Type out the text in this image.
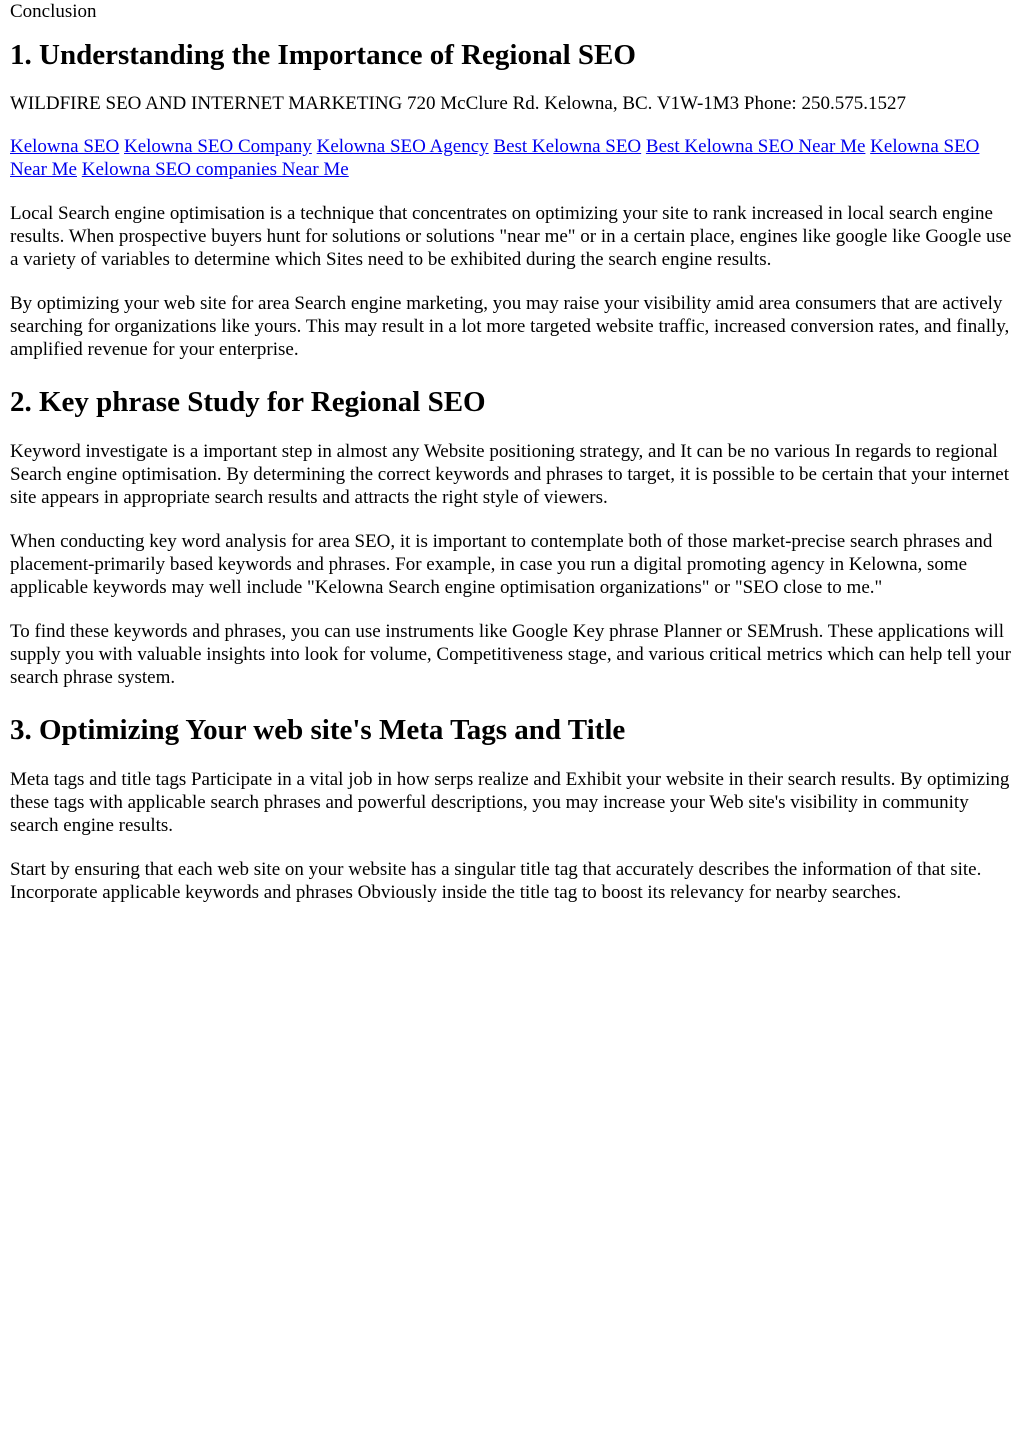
Conclusion
1. Understanding the Importance of Regional SEO

WILDFIRE SEO AND INTERNET MARKETING 720 McClure Rd. Kelowna, BC. V1W-1M3 Phone: 250.575.1527

Kelowna SEO Kelowna SEO Company Kelowna SEO Agency Best Kelowna SEO Best Kelowna SEO Near Me Kelowna SEO Near Me Kelowna SEO companies Near Me

Local Search engine optimisation is a technique that concentrates on optimizing your site to rank increased in local search engine results. When prospective buyers hunt for solutions or solutions "near me" or in a certain place, engines like google like Google use a variety of variables to determine which Sites need to be exhibited during the search engine results.

By optimizing your web site for area Search engine marketing, you may raise your visibility amid area consumers that are actively searching for organizations like yours. This may result in a lot more targeted website traffic, increased conversion rates, and finally, amplified revenue for your enterprise.

2. Key phrase Study for Regional SEO

Keyword investigate is a important step in almost any Website positioning strategy, and It can be no various In regards to regional Search engine optimisation. By determining the correct keywords and phrases to target, it is possible to be certain that your internet site appears in appropriate search results and attracts the right style of viewers.

When conducting key word analysis for area SEO, it is important to contemplate both of those market-precise search phrases and placement-primarily based keywords and phrases. For example, in case you run a digital promoting agency in Kelowna, some applicable keywords may well include "Kelowna Search engine optimisation organizations" or "SEO close to me."

To find these keywords and phrases, you can use instruments like Google Key phrase Planner or SEMrush. These applications will supply you with valuable insights into look for volume, Competitiveness stage, and various critical metrics which can help tell your search phrase system.

3. Optimizing Your web site's Meta Tags and Title

Meta tags and title tags Participate in a vital job in how serps realize and Exhibit your website in their search results. By optimizing these tags with applicable search phrases and powerful descriptions, you may increase your Web site's visibility in community search engine results.

Start by ensuring that each web site on your website has a singular title tag that accurately describes the information of that site. Incorporate applicable keywords and phrases Obviously inside the title tag to boost its relevancy for nearby searches.
